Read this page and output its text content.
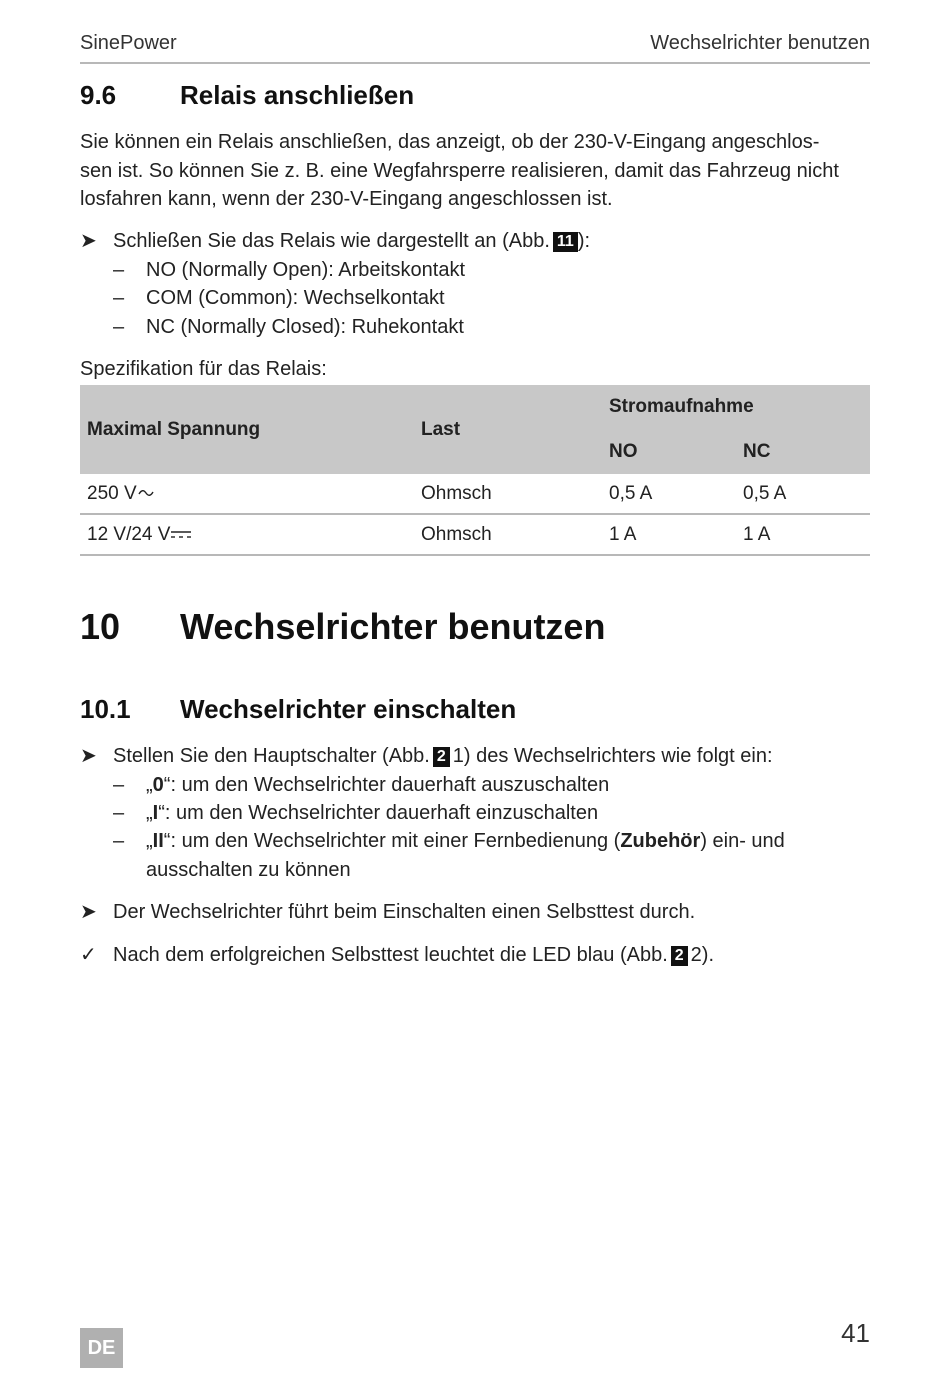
SinePower	Wechselrichter benutzen
9.6 Relais anschließen
Sie können ein Relais anschließen, das anzeigt, ob der 230-V-Eingang angeschlos-
sen ist. So können Sie z. B. eine Wegfahrsperre realisieren, damit das Fahrzeug nicht
losfahren kann, wenn der 230-V-Eingang angeschlossen ist.
➤ Schließen Sie das Relais wie dargestellt an (Abb. 11 ):
– NO (Normally Open): Arbeitskontakt
– COM (Common): Wechselkontakt
– NC (Normally Closed): Ruhekontakt
Spezifikation für das Relais:
Maximal Spannung	Last	Stromaufnahme	
		NO	NC
250 V	Ohmsch	0,5 A	0,5 A
12 V/24 V	Ohmsch	1 A	1 A
10 Wechselrichter benutzen
10.1 Wechselrichter einschalten
➤ Stellen Sie den Hauptschalter (Abb. 2 1) des Wechselrichters wie folgt ein:
– „0“: um den Wechselrichter dauerhaft auszuschalten
– „I“: um den Wechselrichter dauerhaft einzuschalten
– „II“: um den Wechselrichter mit einer Fernbedienung (Zubehör) ein- und
ausschalten zu können
➤ Der Wechselrichter führt beim Einschalten einen Selbsttest durch.
✓ Nach dem erfolgreichen Selbsttest leuchtet die LED blau (Abb. 2 2).
DE	41
